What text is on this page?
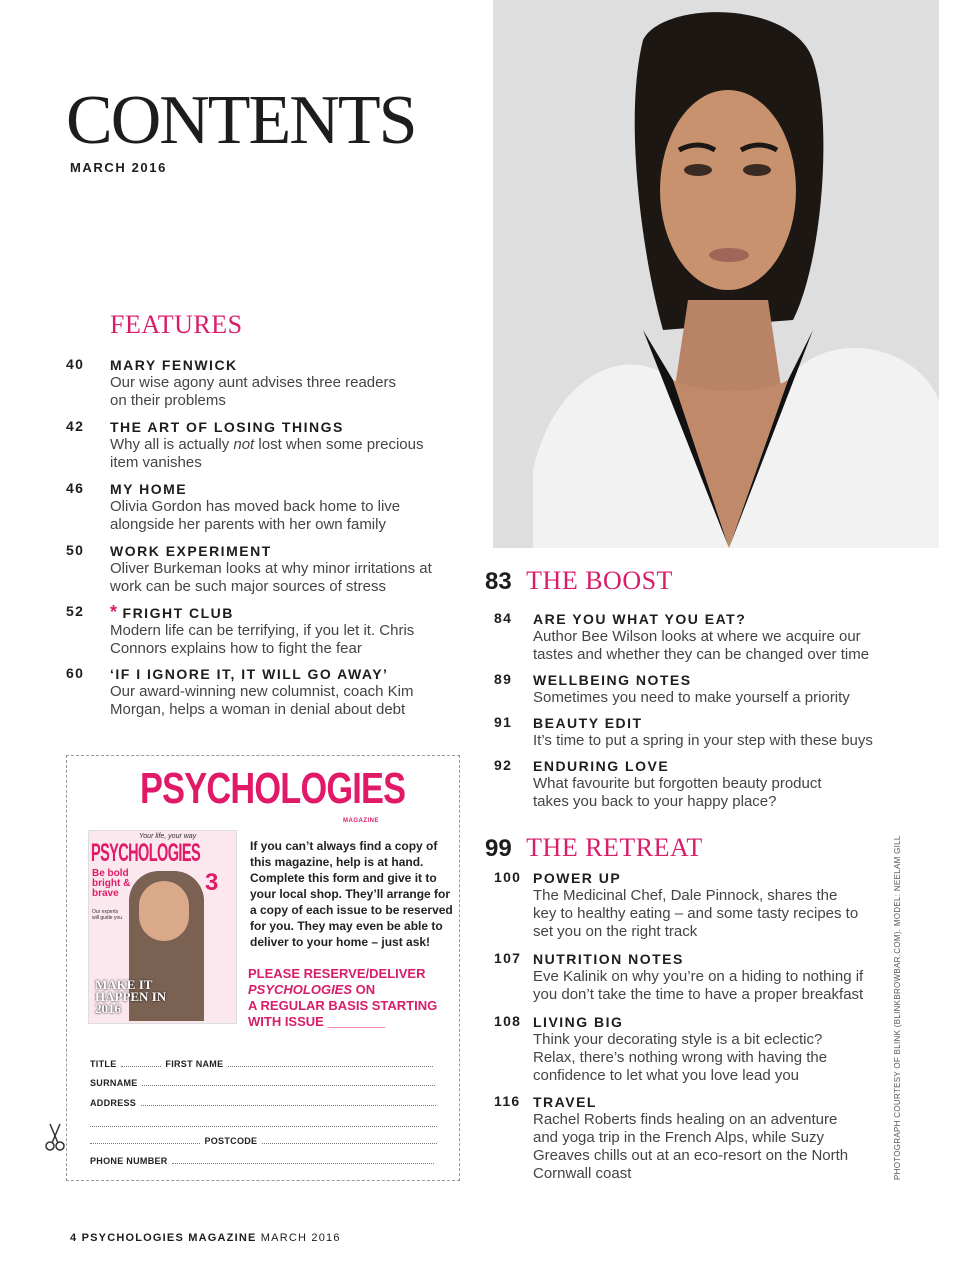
CONTENTS
MARCH 2016
FEATURES
40 MARY FENWICK
Our wise agony aunt advises three readers on their problems
42 THE ART OF LOSING THINGS
Why all is actually not lost when some precious item vanishes
46 MY HOME
Olivia Gordon has moved back home to live alongside her parents with her own family
50 WORK EXPERIMENT
Oliver Burkeman looks at why minor irritations at work can be such major sources of stress
52 * FRIGHT CLUB
Modern life can be terrifying, if you let it. Chris Connors explains how to fight the fear
60 ‘IF I IGNORE IT, IT WILL GO AWAY’
Our award-winning new columnist, coach Kim Morgan, helps a woman in denial about debt
83 THE BOOST
84 ARE YOU WHAT YOU EAT?
Author Bee Wilson looks at where we acquire our tastes and whether they can be changed over time
89 WELLBEING NOTES
Sometimes you need to make yourself a priority
91 BEAUTY EDIT
It’s time to put a spring in your step with these buys
92 ENDURING LOVE
What favourite but forgotten beauty product takes you back to your happy place?
99 THE RETREAT
100 POWER UP
The Medicinal Chef, Dale Pinnock, shares the key to healthy eating – and some tasty recipes to set you on the right track
107 NUTRITION NOTES
Eve Kalinik on why you’re on a hiding to nothing if you don’t take the time to have a proper breakfast
108 LIVING BIG
Think your decorating style is a bit eclectic? Relax, there’s nothing wrong with having the confidence to let what you love lead you
116 TRAVEL
Rachel Roberts finds healing on an adventure and yoga trip in the French Alps, while Suzy Greaves chills out at an eco-resort on the North Cornwall coast
PSYCHOLOGIES
MAGAZINE
Your life, your way
PSYCHOLOGIES
Be bold bright & brave
Our experts will guide you
3
MAKE IT HAPPEN IN 2016
If you can’t always find a copy of this magazine, help is at hand. Complete this form and give it to your local shop. They’ll arrange for a copy of each issue to be reserved for you. They may even be able to deliver to your home – just ask!
PLEASE RESERVE/DELIVER
PSYCHOLOGIES ON
A REGULAR BASIS STARTING
WITH ISSUE ________
TITLE	FIRST NAME
SURNAME
ADDRESS
POSTCODE
PHONE NUMBER	PHOTOGRAPH COURTESY OF BLINK (BLINKBROWBAR.COM). MODEL: NEELAM GILL
4 PSYCHOLOGIES MAGAZINE MARCH 2016
